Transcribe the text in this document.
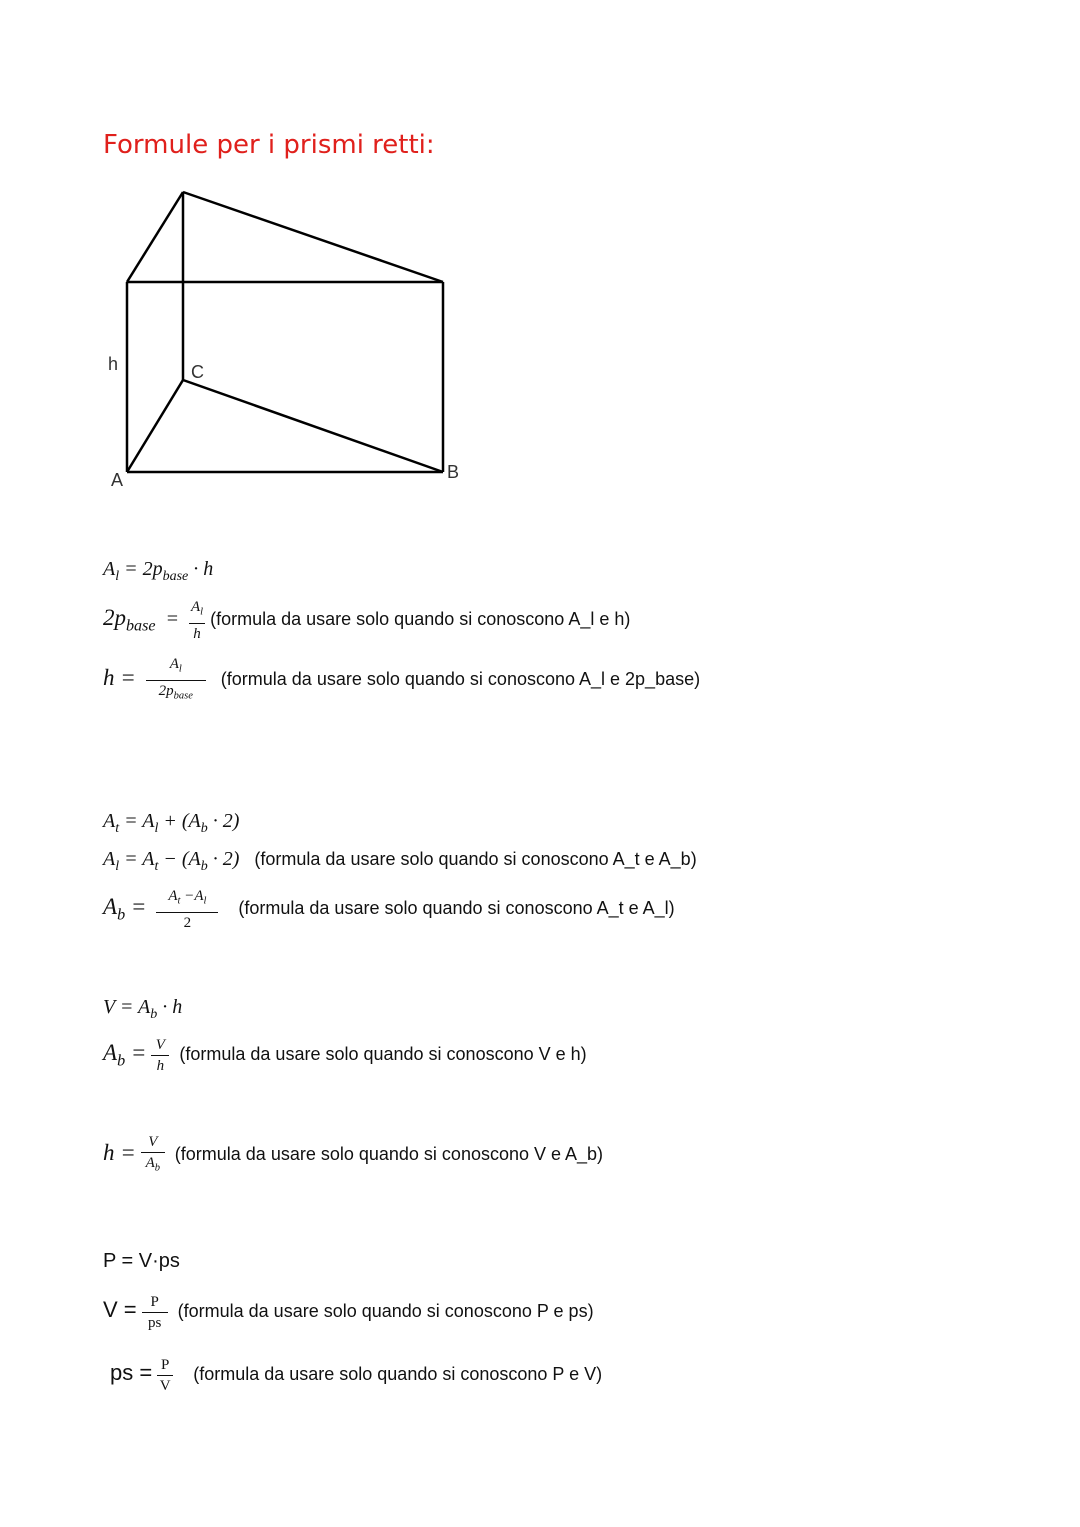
Formule per i prismi retti:
h	C
A	B
$A_l = 2p_{base} \cdot h$
$2p_{base} = \frac{A_l}{h}$ (formula da usare solo quando si conoscono A_l e h)
$h = \frac{A_l}{2p_{base}}$ (formula da usare solo quando si conoscono A_l e 2p_base)
$A_t = A_l + (A_b \cdot 2)$
$A_l = A_t - (A_b \cdot 2)$   (formula da usare solo quando si conoscono A_t e A_b)
$A_b = \frac{A_t -A_l}{2}$ (formula da usare solo quando si conoscono A_t e A_l)
$V = A_b \cdot h$
$A_b = \frac{V}{h}$ (formula da usare solo quando si conoscono V e h)
$h = \frac{V}{A_b}$ (formula da usare solo quando si conoscono V e A_b)
P = V·ps
$V = \frac{P}{ps}$ (formula da usare solo quando si conoscono P e ps)
ps = $\frac{P}{V}$ (formula da usare solo quando si conoscono P e V)
